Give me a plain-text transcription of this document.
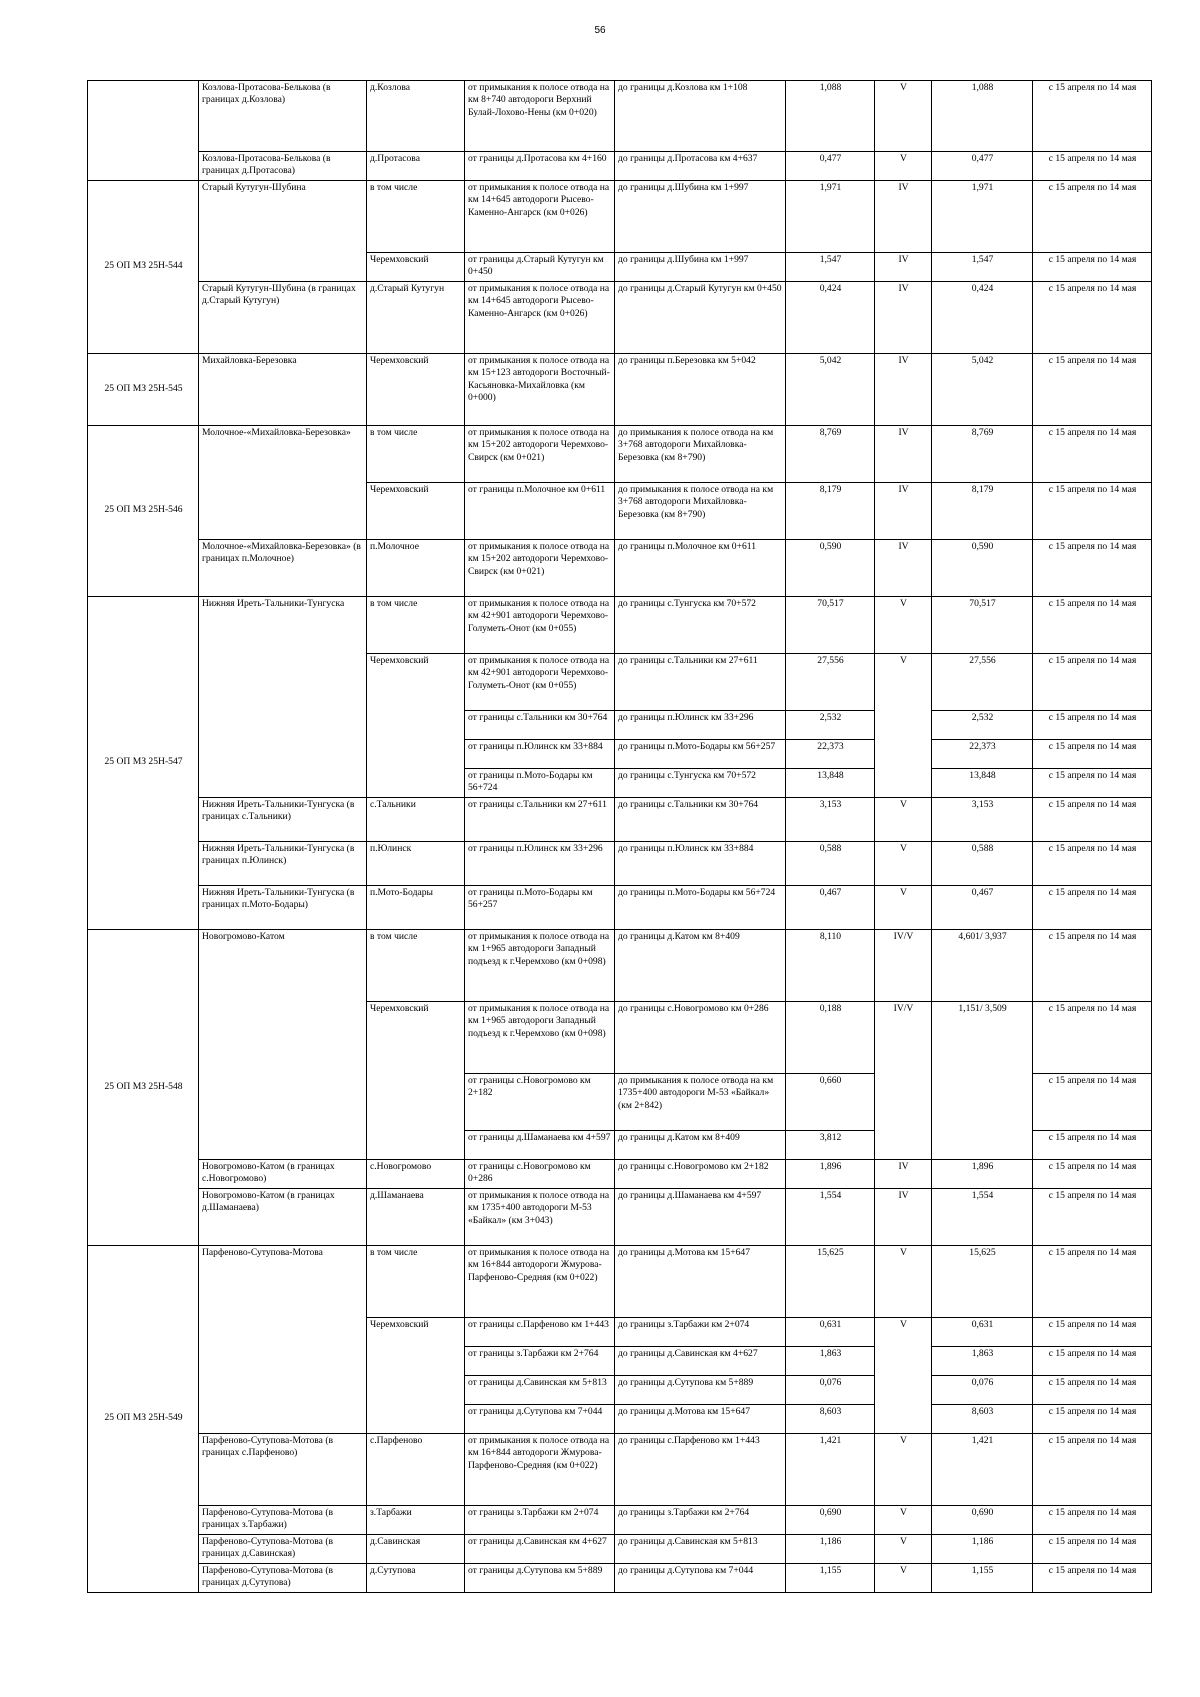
56
	Козлова-Протасова-Белькова (в границах д.Козлова)	д.Козлова	от примыкания к полосе отвода на км 8+740 автодороги Верхний Булай-Лохово-Нены (км 0+020)	до границы д.Козлова км 1+108	1,088	V	1,088	с 15 апреля по 14 мая
	Козлова-Протасова-Белькова (в границах д.Протасова)	д.Протасова	от границы д.Протасова км 4+160	до границы д.Протасова км 4+637	0,477	V	0,477	с 15 апреля по 14 мая
25 ОП МЗ 25Н-544	Старый Кутугун-Шубина	в том числе	от примыкания к полосе отвода на км 14+645 автодороги Рысево-Каменно-Ангарск (км 0+026)	до границы д.Шубина км 1+997	1,971	IV	1,971	с 15 апреля по 14 мая
		Черемховский	от границы д.Старый Кутугун км 0+450	до границы д.Шубина км 1+997	1,547	IV	1,547	с 15 апреля по 14 мая
	Старый Кутугун-Шубина (в границах д.Старый Кутугун)	д.Старый Кутугун	от примыкания к полосе отвода на км 14+645 автодороги Рысево-Каменно-Ангарск (км 0+026)	до границы д.Старый Кутугун км 0+450	0,424	IV	0,424	с 15 апреля по 14 мая
25 ОП МЗ 25Н-545	Михайловка-Березовка	Черемховский	от примыкания к полосе отвода на км 15+123 автодороги Восточный-Касьяновка-Михайловка (км 0+000)	до границы п.Березовка км 5+042	5,042	IV	5,042	с 15 апреля по 14 мая
25 ОП МЗ 25Н-546	Молочное-«Михайловка-Березовка»	в том числе	от примыкания к полосе отвода на км 15+202 автодороги Черемхово-Свирск (км 0+021)	до примыкания к полосе отвода на км 3+768 автодороги Михайловка-Березовка (км 8+790)	8,769	IV	8,769	с 15 апреля по 14 мая
		Черемховский	от границы п.Молочное км 0+611	до примыкания к полосе отвода на км 3+768 автодороги Михайловка-Березовка (км 8+790)	8,179	IV	8,179	с 15 апреля по 14 мая
	Молочное-«Михайловка-Березовка» (в границах п.Молочное)	п.Молочное	от примыкания к полосе отвода на км 15+202 автодороги Черемхово-Свирск (км 0+021)	до границы п.Молочное км 0+611	0,590	IV	0,590	с 15 апреля по 14 мая
25 ОП МЗ 25Н-547	Нижняя Иреть-Тальники-Тунгуска	в том числе	от примыкания к полосе отвода на км 42+901 автодороги Черемхово-Голуметь-Онот (км 0+055)	до границы с.Тунгуска км 70+572	70,517	V	70,517	с 15 апреля по 14 мая
		Черемховский	от примыкания к полосе отвода на км 42+901 автодороги Черемхово-Голуметь-Онот (км 0+055)	до границы с.Тальники км 27+611	27,556	V	27,556	с 15 апреля по 14 мая
			от границы с.Тальники км 30+764	до границы п.Юлинск км 33+296	2,532		2,532	с 15 апреля по 14 мая
			от границы п.Юлинск км 33+884	до границы п.Мото-Бодары км 56+257	22,373		22,373	с 15 апреля по 14 мая
			от границы п.Мото-Бодары км 56+724	до границы с.Тунгуска км 70+572	13,848		13,848	с 15 апреля по 14 мая
	Нижняя Иреть-Тальники-Тунгуска (в границах с.Тальники)	с.Тальники	от границы с.Тальники км 27+611	до границы с.Тальники км 30+764	3,153	V	3,153	с 15 апреля по 14 мая
	Нижняя Иреть-Тальники-Тунгуска (в границах п.Юлинск)	п.Юлинск	от границы п.Юлинск км 33+296	до границы п.Юлинск км 33+884	0,588	V	0,588	с 15 апреля по 14 мая
	Нижняя Иреть-Тальники-Тунгуска (в границах п.Мото-Бодары)	п.Мото-Бодары	от границы п.Мото-Бодары км 56+257	до границы п.Мото-Бодары км 56+724	0,467	V	0,467	с 15 апреля по 14 мая
25 ОП МЗ 25Н-548	Новогромово-Катом	в том числе	от примыкания к полосе отвода на км 1+965 автодороги Западный подъезд к г.Черемхово (км 0+098)	до границы д.Катом км 8+409	8,110	IV/V	4,601/ 3,937	с 15 апреля по 14 мая
		Черемховский	от примыкания к полосе отвода на км 1+965 автодороги Западный подъезд к г.Черемхово (км 0+098)	до границы с.Новогромово км 0+286	0,188	IV/V	1,151/ 3,509	с 15 апреля по 14 мая
			от границы с.Новогромово км 2+182	до примыкания к полосе отвода на км 1735+400 автодороги М-53 «Байкал» (км 2+842)	0,660			с 15 апреля по 14 мая
			от границы д.Шаманаева км 4+597	до границы д.Катом км 8+409	3,812			с 15 апреля по 14 мая
	Новогромово-Катом (в границах с.Новогромово)	с.Новогромово	от границы с.Новогромово км 0+286	до границы с.Новогромово км 2+182	1,896	IV	1,896	с 15 апреля по 14 мая
	Новогромово-Катом (в границах д.Шаманаева)	д.Шаманаева	от примыкания к полосе отвода на км 1735+400 автодороги М-53 «Байкал» (км 3+043)	до границы д.Шаманаева км 4+597	1,554	IV	1,554	с 15 апреля по 14 мая
25 ОП МЗ 25Н-549	Парфеново-Сутупова-Мотова	в том числе	от примыкания к полосе отвода на км 16+844 автодороги Жмурова-Парфеново-Средняя (км 0+022)	до границы д.Мотова км 15+647	15,625	V	15,625	с 15 апреля по 14 мая
		Черемховский	от границы с.Парфеново км 1+443	до границы з.Тарбажи км 2+074	0,631	V	0,631	с 15 апреля по 14 мая
			от границы з.Тарбажи км 2+764	до границы д.Савинская км 4+627	1,863		1,863	с 15 апреля по 14 мая
			от границы д.Савинская км 5+813	до границы д.Сутупова км 5+889	0,076		0,076	с 15 апреля по 14 мая
			от границы д.Сутупова км 7+044	до границы д.Мотова км 15+647	8,603		8,603	с 15 апреля по 14 мая
	Парфеново-Сутупова-Мотова (в границах с.Парфеново)	с.Парфеново	от примыкания к полосе отвода на км 16+844 автодороги Жмурова-Парфеново-Средняя (км 0+022)	до границы с.Парфеново км 1+443	1,421	V	1,421	с 15 апреля по 14 мая
	Парфеново-Сутупова-Мотова (в границах з.Тарбажи)	з.Тарбажи	от границы з.Тарбажи км 2+074	до границы з.Тарбажи км 2+764	0,690	V	0,690	с 15 апреля по 14 мая
	Парфеново-Сутупова-Мотова (в границах д.Савинская)	д.Савинская	от границы д.Савинская км 4+627	до границы д.Савинская км 5+813	1,186	V	1,186	с 15 апреля по 14 мая
	Парфеново-Сутупова-Мотова (в границах д.Сутупова)	д.Сутупова	от границы д.Сутупова км 5+889	до границы д.Сутупова км 7+044	1,155	V	1,155	с 15 апреля по 14 мая
